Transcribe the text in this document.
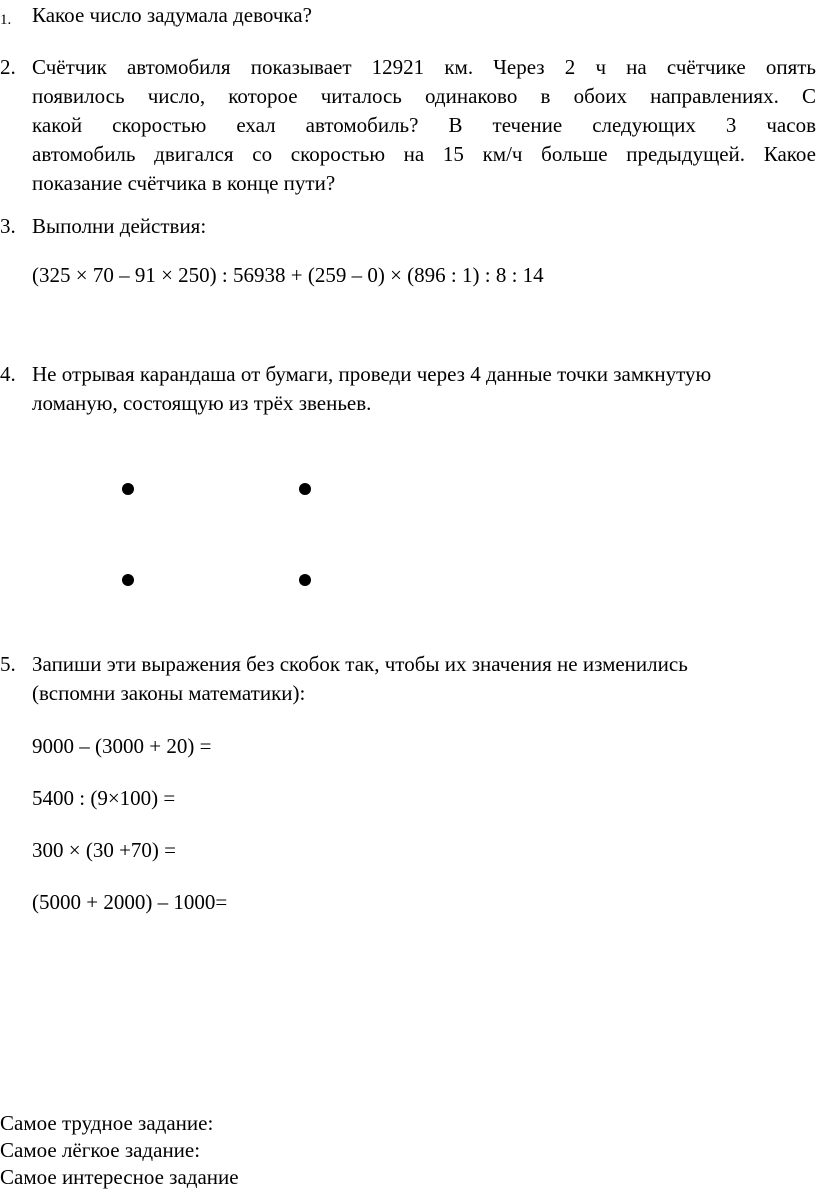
1. Какое число задумала девочка?
2. Счётчик автомобиля показывает 12921 км. Через 2 ч на счётчике опять
появилось число, которое читалось одинаково в обоих направлениях. С
какой скоростью ехал автомобиль? В течение следующих 3 часов
автомобиль двигался со скоростью на 15 км/ч больше предыдущей. Какое
показание счётчика в конце пути?
3. Выполни действия:
(325 × 70 – 91 × 250) : 56938 + (259 – 0) × (896 : 1) : 8 : 14
4. Не отрывая карандаша от бумаги, проведи через 4 данные точки замкнутую
ломаную, состоящую из трёх звеньев.
5. Запиши эти выражения без скобок так, чтобы их значения не изменились
(вспомни законы математики):
9000 – (3000 + 20) =
5400 : (9×100) =
300 × (30 +70) =
(5000 + 2000) – 1000=
Самое трудное задание:
Самое лёгкое задание:
Самое интересное задание
